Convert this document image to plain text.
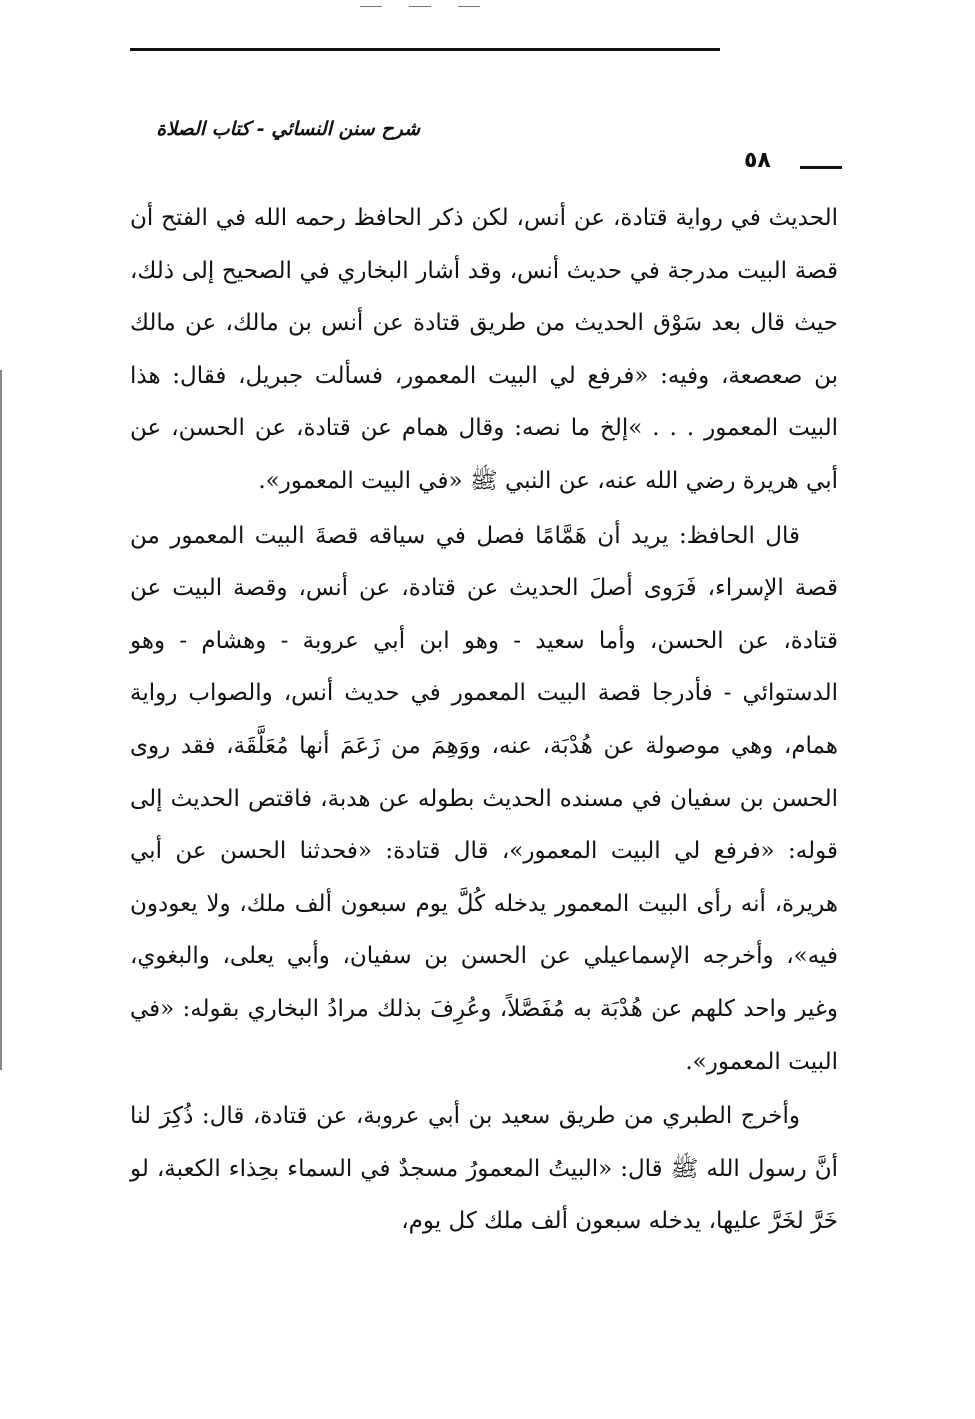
شرح سنن النسائي - كتاب الصلاة
٥٨

الحديث في رواية قتادة، عن أنس، لكن ذكر الحافظ رحمه الله في الفتح أن قصة البيت مدرجة في حديث أنس، وقد أشار البخاري في الصحيح إلى ذلك، حيث قال بعد سَوْق الحديث من طريق قتادة عن أنس بن مالك، عن مالك بن صعصعة، وفيه: «فرفع لي البيت المعمور، فسألت جبريل، فقال: هذا البيت المعمور . . . »إلخ ما نصه: وقال همام عن قتادة، عن الحسن، عن أبي هريرة رضي الله عنه، عن النبي ﷺ «في البيت المعمور».

قال الحافظ: يريد أن هَمَّامًا فصل في سياقه قصةَ البيت المعمور من قصة الإسراء، فَرَوى أصلَ الحديث عن قتادة، عن أنس، وقصة البيت عن قتادة، عن الحسن، وأما سعيد - وهو ابن أبي عروبة - وهشام - وهو الدستوائي - فأدرجا قصة البيت المعمور في حديث أنس، والصواب رواية همام، وهي موصولة عن هُدْبَة، عنه، ووَهِمَ من زَعَمَ أنها مُعَلَّقَة، فقد روى الحسن بن سفيان في مسنده الحديث بطوله عن هدبة، فاقتص الحديث إلى قوله: «فرفع لي البيت المعمور»، قال قتادة: «فحدثنا الحسن عن أبي هريرة، أنه رأى البيت المعمور يدخله كُلَّ يوم سبعون ألف ملك، ولا يعودون فيه»، وأخرجه الإسماعيلي عن الحسن بن سفيان، وأبي يعلى، والبغوي، وغير واحد كلهم عن هُدْبَة به مُفَصَّلاً، وعُرِفَ بذلك مرادُ البخاري بقوله: «في البيت المعمور».

وأخرج الطبري من طريق سعيد بن أبي عروبة، عن قتادة، قال: ذُكِرَ لنا أنَّ رسول الله ﷺ قال: «البيتُ المعمورُ مسجدٌ في السماء بحِذاء الكعبة، لو خَرَّ لخَرَّ عليها، يدخله سبعون ألف ملك كل يوم،
